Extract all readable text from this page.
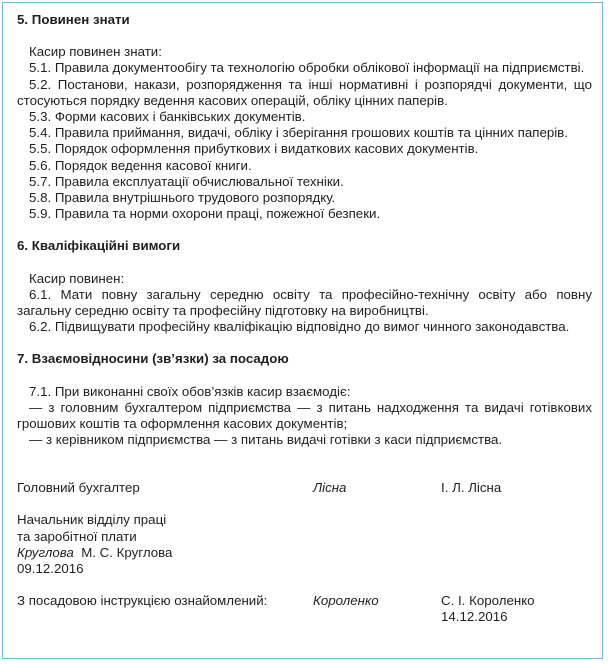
5. Повинен знати

Касир повинен знати:

5.1. Правила документообігу та технологію обробки облікової інформації на підприємстві.

5.2. Постанови, накази, розпорядження та інші нормативні і розпорядчі документи, що стосуються порядку ведення касових операцій, обліку цінних паперів.

5.3. Форми касових і банківських документів.

5.4. Правила приймання, видачі, обліку і зберігання грошових коштів та цінних паперів.

5.5. Порядок оформлення прибуткових і видаткових касових документів.

5.6. Порядок ведення касової книги.

5.7. Правила експлуатації обчислювальної техніки.

5.8. Правила внутрішнього трудового розпорядку.

5.9. Правила та норми охорони праці, пожежної безпеки.

6. Кваліфікаційні вимоги

Касир повинен:

6.1. Мати повну загальну середню освіту та професійно-технічну освіту або повну загальну середню освіту та професійну підготовку на виробництві.

6.2. Підвищувати професійну кваліфікацію відповідно до вимог чинного законодавства.

7. Взаємовідносини (зв’язки) за посадою

7.1. При виконанні своїх обов’язків касир взаємодіє:

— з головним бухгалтером підприємства — з питань надходження та видачі готівкових грошових коштів та оформлення касових документів;

— з керівником підприємства — з питань видачі готівки з каси підприємства.

Головний бухгалтер	Лісна	І. Л. Лісна

Начальник відділу праці

та заробітної плати

Круглова М. С. Круглова

09.12.2016

З посадовою інструкцією ознайомлений:	Короленко	С. І. Короленко
14.12.2016
